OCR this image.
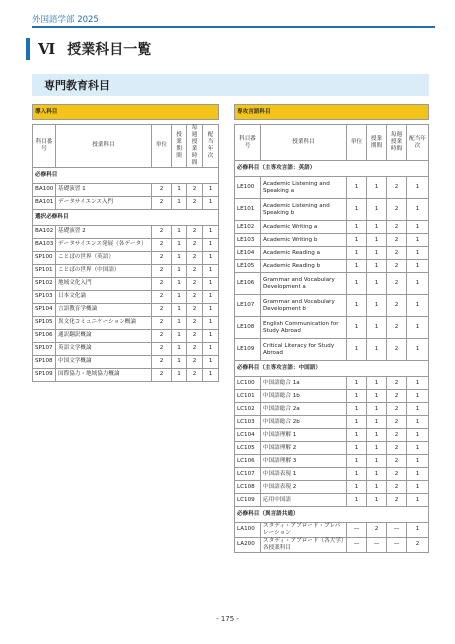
外国語学部 2025
Ⅵ 授業科目一覧
専門教育科目
導入科目					

科目番号	授業科目	単位	授業期間	毎週授業時間	配当年次
必修科目					
BA100	基礎演習 1	2	1	2	1
BA101	データサイエンス入門	2	1	2	1
選択必修科目					
BA102	基礎演習 2	2	1	2	1
BA103	データサイエンス発展（各データ）	2	1	2	1
SP100	ことばの世界（英語）	2	1	2	1
SP101	ことばの世界（中国語）	2	1	2	1
SP102	地域文化入門	2	1	2	1
SP103	日本文化論	2	1	2	1
SP104	言語教育学概論	2	1	2	1
SP105	異文化コミュニケーション概論	2	1	2	1
SP106	通訳翻訳概論	2	1	2	1
SP107	英語文学概論	2	1	2	1
SP108	中国文学概論	2	1	2	1
SP109	国際協力・地域協力概論	2	1	2	1
専攻言語科目					

科目番号	授業科目	単位	授業期間	毎週授業時間	配当年次
必修科目（主専攻言語：英語）					
LE100	Academic Listening and Speaking a	1	1	2	1
LE101	Academic Listening and Speaking b	1	1	2	1
LE102	Academic Writing a	1	1	2	1
LE103	Academic Writing b	1	1	2	1
LE104	Academic Reading a	1	1	2	1
LE105	Academic Reading b	1	1	2	1
LE106	Grammar and Vocabulary Development a	1	1	2	1
LE107	Grammar and Vocabulary Development b	1	1	2	1
LE108	English Communication for Study Abroad	1	1	2	1
LE109	Critical Literacy for Study Abroad	1	1	2	1
必修科目（主専攻言語：中国語）					
LC100	中国語総合 1a	1	1	2	1
LC101	中国語総合 1b	1	1	2	1
LC102	中国語総合 2a	1	1	2	1
LC103	中国語総合 2b	1	1	2	1
LC104	中国語理解 1	1	1	2	1
LC105	中国語理解 2	1	1	2	1
LC106	中国語理解 3	1	1	2	1
LC107	中国語表現 1	1	1	2	1
LC108	中国語表現 2	1	1	2	1
LC109	応用中国語	1	1	2	1
必修科目（異言語共通）					
LA100	スタディ・アブロード・プレパレーション	—	2	—	1
LA200	スタディ・アブロード（各大学）各授業科目	—	—	—	2
- 175 -
